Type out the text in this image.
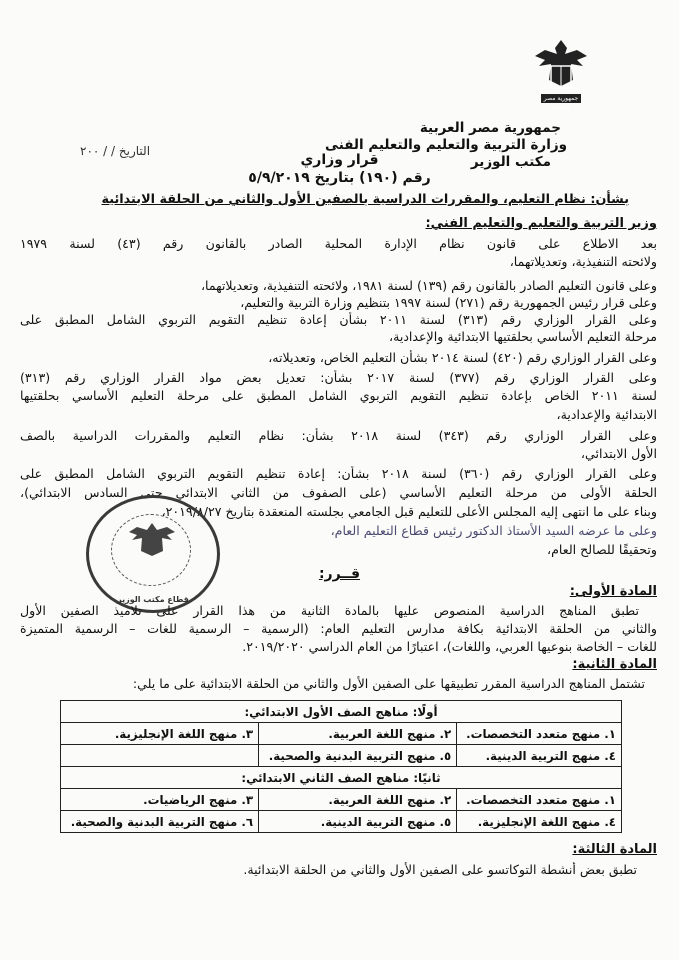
جمهورية مصر العربية
جمهورية مصر العربية
وزارة التربية والتعليم والتعليم الفنى
مكتب الوزير
التاريخ / / ٢٠٠
قرار وزاري
رقم (١٩٠) بتاريخ ٥/٩/٢٠١٩
بشأن: نظام التعليم، والمقررات الدراسية بالصفين الأول والثاني من الحلقة الابتدائية
وزير التربية والتعليم والتعليم الفني:
بعد الاطلاع على قانون نظام الإدارة المحلية الصادر بالقانون رقم (٤٣) لسنة ١٩٧٩
ولائحته التنفيذية، وتعديلاتهما،
وعلى قانون التعليم الصادر بالقانون رقم (١٣٩) لسنة ١٩٨١، ولائحته التنفيذية، وتعديلاتهما،
وعلى قرار رئيس الجمهورية رقم (٢٧١) لسنة ١٩٩٧ بتنظيم وزارة التربية والتعليم،
وعلى القرار الوزاري رقم (٣١٣) لسنة ٢٠١١ بشأن إعادة تنظيم التقويم التربوي الشامل المطبق على
مرحلة التعليم الأساسي بحلقتيها الابتدائية والإعدادية،
وعلى القرار الوزاري رقم (٤٢٠) لسنة ٢٠١٤ بشأن التعليم الخاص، وتعديلاته،
وعلى القرار الوزاري رقم (٣٧٧) لسنة ٢٠١٧ بشأن: تعديل بعض مواد القرار الوزاري رقم (٣١٣)
لسنة ٢٠١١ الخاص بإعادة تنظيم التقويم التربوي الشامل المطبق على مرحلة التعليم الأساسي بحلقتيها
الابتدائية والإعدادية،
وعلى القرار الوزاري رقم (٣٤٣) لسنة ٢٠١٨ بشأن: نظام التعليم والمقررات الدراسية بالصف
الأول الابتدائي،
وعلى القرار الوزاري رقم (٣٦٠) لسنة ٢٠١٨ بشأن: إعادة تنظيم التقويم التربوي الشامل المطبق على
الحلقة الأولى من مرحلة التعليم الأساسي (على الصفوف من الثاني الابتدائي حتى السادس الابتدائي)،
وبناء على ما انتهى إليه المجلس الأعلى للتعليم قبل الجامعي بجلسته المنعقدة بتاريخ ٢٠١٩/٨/٢٧،
وعلى ما عرضه السيد الأستاذ الدكتور رئيس قطاع التعليم العام،
وتحقيقًا للصالح العام،
قطاع مكتب الوزير
قــرر:
المادة الأولى:
تطبق المناهج الدراسية المنصوص عليها بالمادة الثانية من هذا القرار على تلاميذ الصفين الأول
والثاني من الحلقة الابتدائية بكافة مدارس التعليم العام: (الرسمية – الرسمية للغات – الرسمية المتميزة
للغات – الخاصة بنوعيها العربي، واللغات)، اعتبارًا من العام الدراسي ٢٠١٩/٢٠٢٠.
المادة الثانية:
تشتمل المناهج الدراسية المقرر تطبيقها على الصفين الأول والثاني من الحلقة الابتدائية على ما يلي:
أولًا: مناهج الصف الأول الابتدائي:		
١. منهج متعدد التخصصات.	٢. منهج اللغة العربية.	٣. منهج اللغة الإنجليزية.
٤. منهج التربية الدينية.	٥. منهج التربية البدنية والصحية.	
ثانيًا: مناهج الصف الثاني الابتدائي:		
١. منهج متعدد التخصصات.	٢. منهج اللغة العربية.	٣. منهج الرياضيات.
٤. منهج اللغة الإنجليزية.	٥. منهج التربية الدينية.	٦. منهج التربية البدنية والصحية.
المادة الثالثة:
تطبق بعض أنشطة التوكاتسو على الصفين الأول والثاني من الحلقة الابتدائية.
